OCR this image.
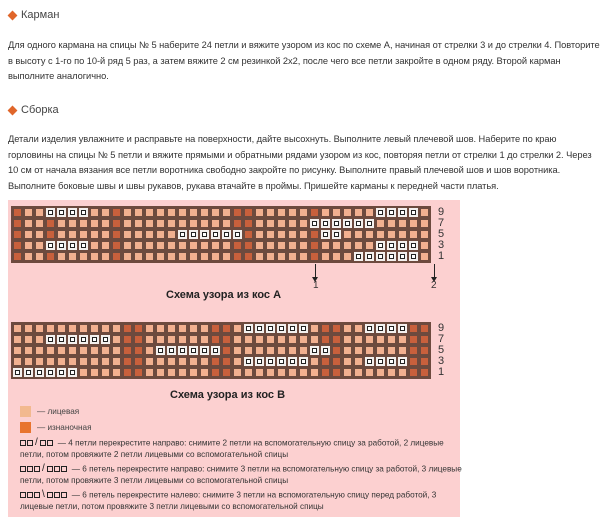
Карман
Для одного кармана на спицы № 5 наберите 24 петли и вяжите узором из кос по схеме А, начиная от стрелки 3 и до стрелки 4. Повторите в высоту с 1-го по 10-й ряд 5 раз, а затем вяжите 2 см резинкой 2х2, после чего все петли закройте в одном ряду. Второй карман выполните аналогично.
Сборка
Детали изделия увлажните и расправьте на поверхности, дайте высохнуть. Выполните левый плечевой шов. Наберите по краю горловины на спицы № 5 петли и вяжите прямыми и обратными рядами узором из кос, повторяя петли от стрелки 1 до стрелки 2. Через 10 см от начала вязания все петли воротника свободно закройте по рисунку. Выполните правый плечевой шов и шов воротника. Выполните боковые швы и швы рукавов, рукава втачайте в проймы. Пришейте карманы к передней части платья.
9
7
5
3
1
1	2
Схема узора из кос А
9
7
5
3
1
Схема узора из кос В
— лицевая
— изнаночная
/ — 4 петли перекрестите направо: снимите 2 петли на вспомогательную спицу за работой, 2 лицевые петли, потом провяжите 2 петли лицевыми со вспомогательной спицы
/	— 6 петель перекрестите направо: снимите 3 петли на вспомогательную спицу за работой, 3 лицевые петли, потом провяжите 3 петли лицевыми со вспомогательной спицы
\	— 6 петель перекрестите налево: снимите 3 петли на вспомогательную спицу перед работой, 3 лицевые петли, потом провяжите 3 петли лицевыми со вспомогательной спицы
